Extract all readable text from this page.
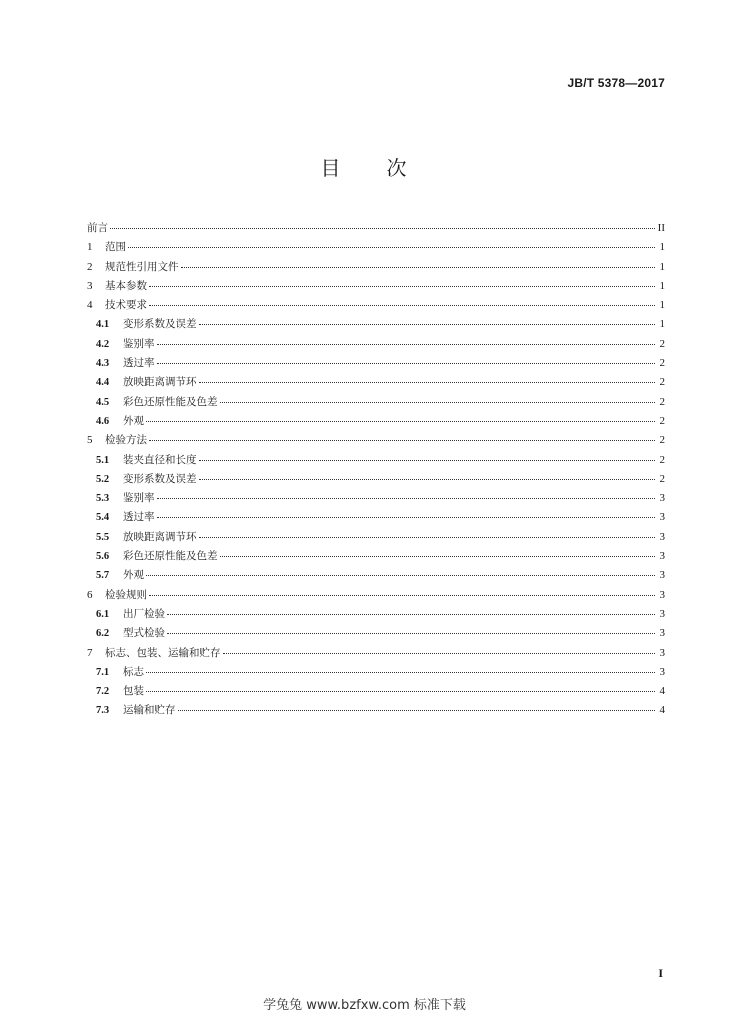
JB/T 5378—2017
目　　次
前言	II
1	范围	1
2	规范性引用文件	1
3	基本参数	1
4	技术要求	1
4.1	变形系数及误差	1
4.2	鉴别率	2
4.3	透过率	2
4.4	放映距离调节环	2
4.5	彩色还原性能及色差	2
4.6	外观	2
5	检验方法	2
5.1	装夹直径和长度	2
5.2	变形系数及误差	2
5.3	鉴别率	3
5.4	透过率	3
5.5	放映距离调节环	3
5.6	彩色还原性能及色差	3
5.7	外观	3
6	检验规则	3
6.1	出厂检验	3
6.2	型式检验	3
7	标志、包装、运输和贮存	3
7.1	标志	3
7.2	包装	4
7.3	运输和贮存	4
I
学兔兔 www.bzfxw.com 标准下载
